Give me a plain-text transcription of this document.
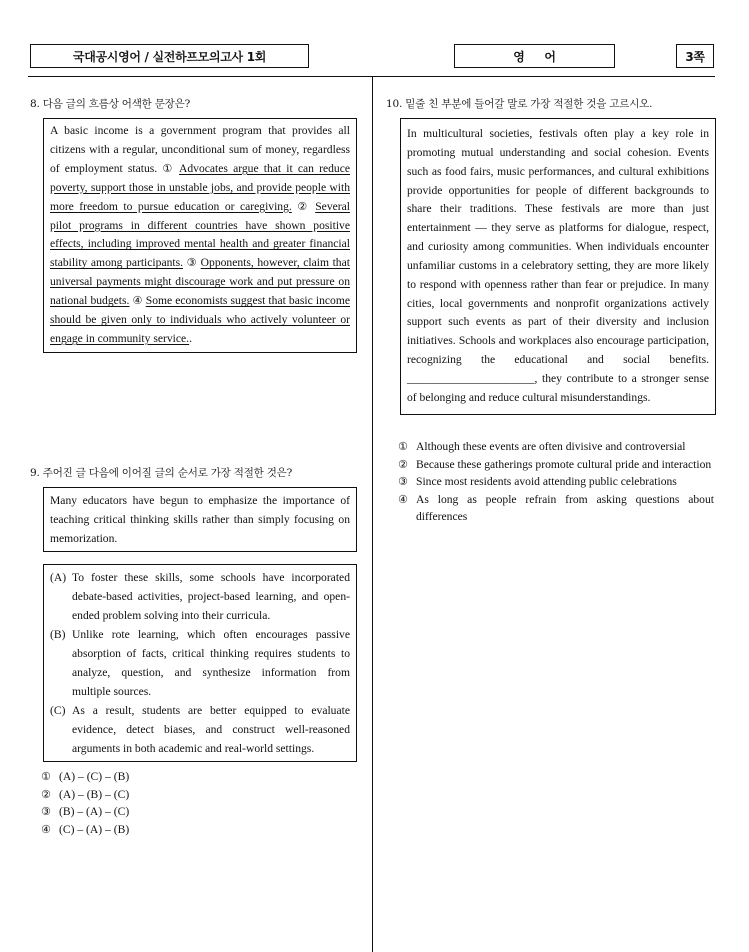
국대공시영어 / 실전하프모의고사 1회	영 어	3쪽
8. 다음 글의 흐름상 어색한 문장은?
A basic income is a government program that provides all citizens with a regular, unconditional sum of money, regardless of employment status. ① Advocates argue that it can reduce poverty, support those in unstable jobs, and provide people with more freedom to pursue education or caregiving. ② Several pilot programs in different countries have shown positive effects, including improved mental health and greater financial stability among participants. ③ Opponents, however, claim that universal payments might discourage work and put pressure on national budgets. ④ Some economists suggest that basic income should be given only to individuals who actively volunteer or engage in community service..
9. 주어진 글 다음에 이어질 글의 순서로 가장 적절한 것은?
Many educators have begun to emphasize the importance of teaching critical thinking skills rather than simply focusing on memorization.
(A) To foster these skills, some schools have incorporated debate-based activities, project-based learning, and open-ended problem solving into their curricula.
(B) Unlike rote learning, which often encourages passive absorption of facts, critical thinking requires students to analyze, question, and synthesize information from multiple sources.
(C) As a result, students are better equipped to evaluate evidence, detect biases, and construct well-reasoned arguments in both academic and real-world settings.
① (A) – (C) – (B)
② (A) – (B) – (C)
③ (B) – (A) – (C)
④ (C) – (A) – (B)
10. 밑줄 친 부분에 들어갈 말로 가장 적절한 것을 고르시오.
In multicultural societies, festivals often play a key role in promoting mutual understanding and social cohesion. Events such as food fairs, music performances, and cultural exhibitions provide opportunities for people of different backgrounds to share their traditions. These festivals are more than just entertainment — they serve as platforms for dialogue, respect, and curiosity among communities. When individuals encounter unfamiliar customs in a celebratory setting, they are more likely to respond with openness rather than fear or prejudice. In many cities, local governments and nonprofit organizations actively support such events as part of their diversity and inclusion initiatives. Schools and workplaces also encourage participation, recognizing the educational and social benefits. ______________________, they contribute to a stronger sense of belonging and reduce cultural misunderstandings.
① Although these events are often divisive and controversial
② Because these gatherings promote cultural pride and interaction
③ Since most residents avoid attending public celebrations
④ As long as people refrain from asking questions about differences
